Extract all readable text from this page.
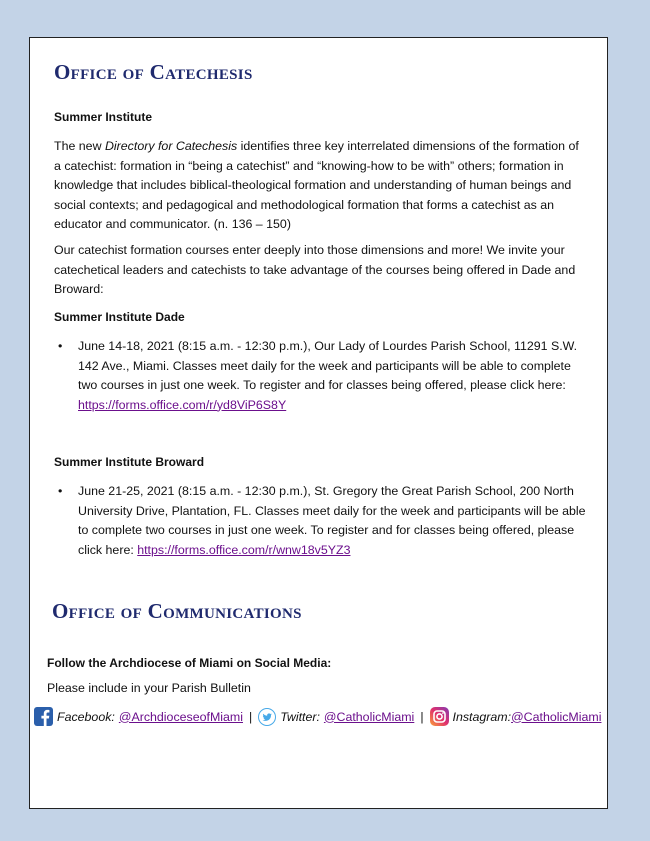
Office of Catechesis
Summer Institute

The new Directory for Catechesis identifies three key interrelated dimensions of the formation of a catechist: formation in “being a catechist” and “knowing-how to be with” others; formation in knowledge that includes biblical-theological formation and understanding of human beings and social contexts; and pedagogical and methodological formation that forms a catechist as an educator and communicator. (n. 136 – 150)

Our catechist formation courses enter deeply into those dimensions and more! We invite your catechetical leaders and catechists to take advantage of the courses being offered in Dade and Broward:

Summer Institute Dade
• June 14-18, 2021 (8:15 a.m. - 12:30 p.m.), Our Lady of Lourdes Parish School, 11291 S.W. 142 Ave., Miami. Classes meet daily for the week and participants will be able to complete two courses in just one week. To register and for classes being offered, please click here: https://forms.office.com/r/yd8ViP6S8Y
Summer Institute Broward
• June 21-25, 2021 (8:15 a.m. - 12:30 p.m.), St. Gregory the Great Parish School, 200 North University Drive, Plantation, FL. Classes meet daily for the week and participants will be able to complete two courses in just one week. To register and for classes being offered, please click here: https://forms.office.com/r/wnw18v5YZ3
Office of Communications
Follow the Archdiocese of Miami on Social Media:
Please include in your Parish Bulletin
Facebook: @ArchdioceseofMiami | Twitter: @CatholicMiami | Instagram: @CatholicMiami
